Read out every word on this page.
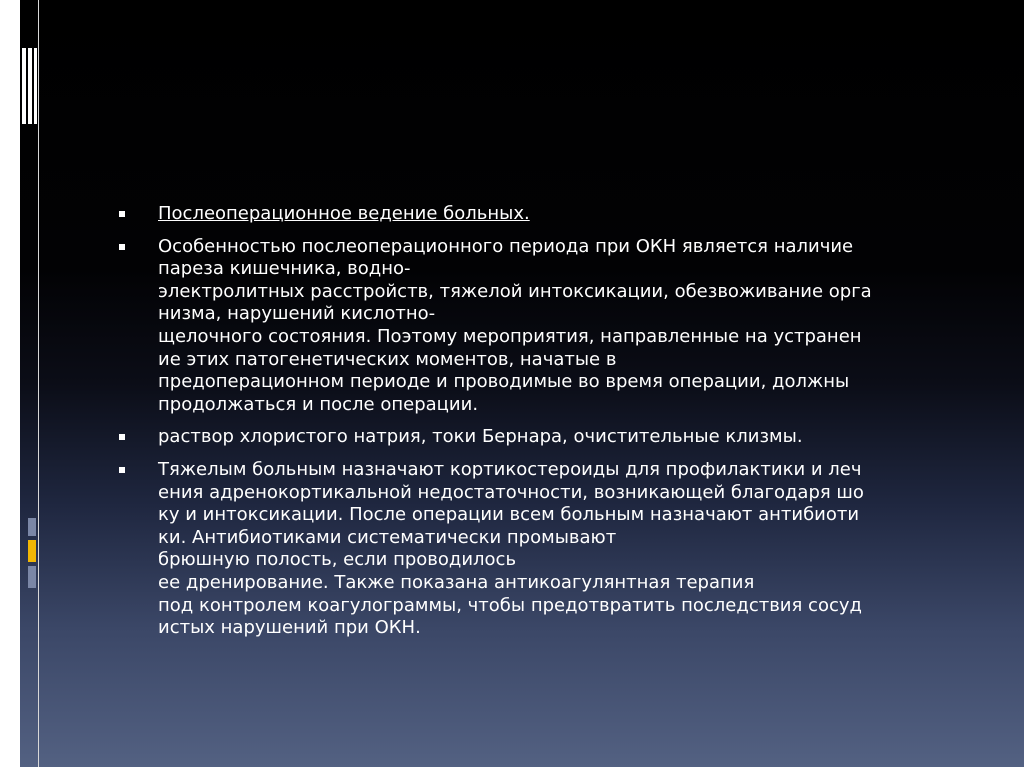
Послеоперационное ведение больных.
Особенностью послеоперационного периода при ОКН является наличие
пареза кишечника, водно-
электролитных расстройств, тяжелой интоксикации, обезвоживание орга
низма, нарушений кислотно-
щелочного состояния. Поэтому мероприятия, направленные на устранен
ие этих патогенетических моментов, начатые в
предоперационном периоде и проводимые во время операции, должны
продолжаться и после операции.
раствор хлористого натрия, токи Бернара, очистительные клизмы.
Тяжелым больным назначают кортикостероиды для профилактики и леч
ения адренокортикальной недостаточности, возникающей благодаря шо
ку и интоксикации. После операции всем больным назначают антибиоти
ки. Антибиотиками систематически промывают
брюшную полость, если проводилось
ее дренирование. Также показана антикоагулянтная терапия
под контролем коагулограммы, чтобы предотвратить последствия сосуд
истых нарушений при ОКН.
